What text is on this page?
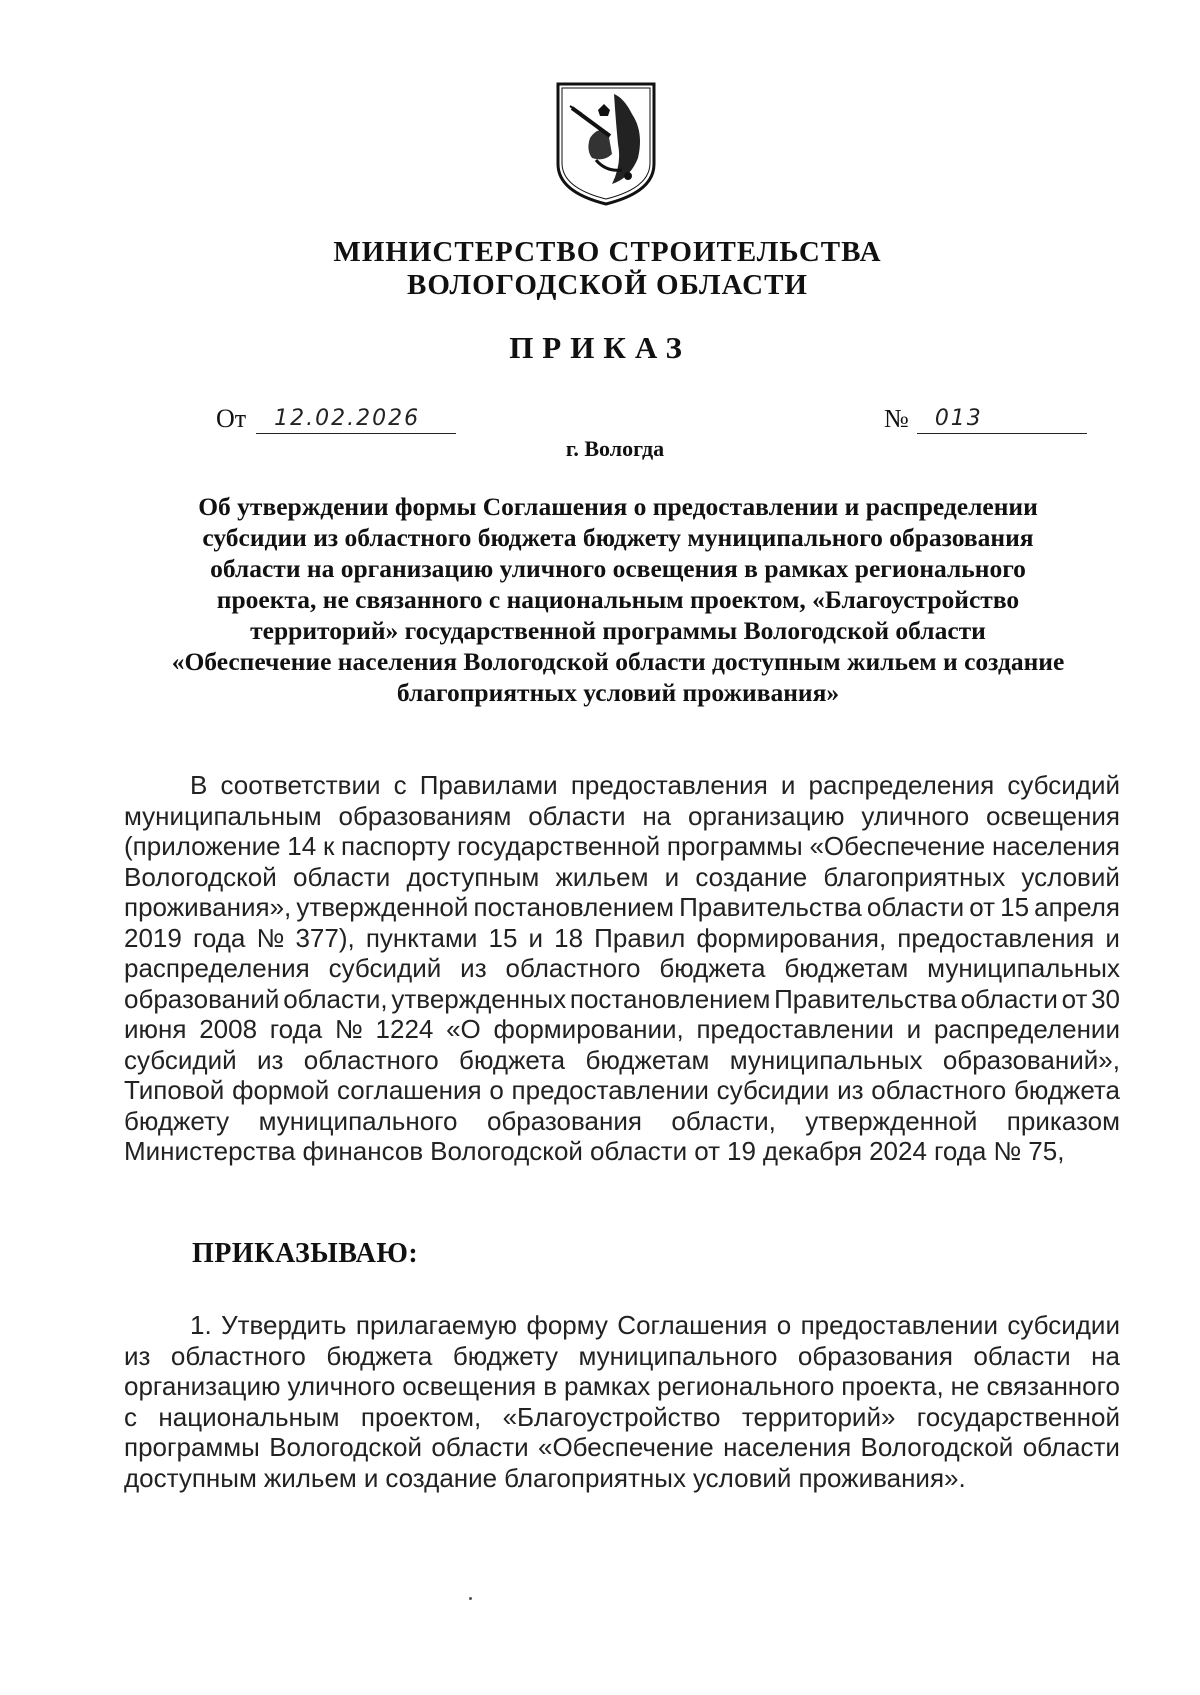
МИНИСТЕРСТВО СТРОИТЕЛЬСТВА
ВОЛОГОДСКОЙ ОБЛАСТИ
ПРИКАЗ
От 12.02.2026	№ 013
г. Вологда
Об утверждении формы Соглашения о предоставлении и распределении
субсидии из областного бюджета бюджету муниципального образования
области на организацию уличного освещения в рамках регионального
проекта, не связанного с национальным проектом, «Благоустройство
территорий» государственной программы Вологодской области
«Обеспечение населения Вологодской области доступным жильем и создание
благоприятных условий проживания»
В соответствии с Правилами предоставления и распределения субсидий
муниципальным образованиям области на организацию уличного освещения
(приложение 14 к паспорту государственной программы «Обеспечение населения
Вологодской области доступным жильем и создание благоприятных условий
проживания», утвержденной постановлением Правительства области от 15 апреля
2019 года № 377), пунктами 15 и 18 Правил формирования, предоставления и
распределения субсидий из областного бюджета бюджетам муниципальных
образований области, утвержденных постановлением Правительства области от 30
июня 2008 года № 1224 «О формировании, предоставлении и распределении
субсидий из областного бюджета бюджетам муниципальных образований»,
Типовой формой соглашения о предоставлении субсидии из областного бюджета
бюджету муниципального образования области, утвержденной приказом
Министерства финансов Вологодской области от 19 декабря 2024 года № 75,
ПРИКАЗЫВАЮ:
1. Утвердить прилагаемую форму Соглашения о предоставлении субсидии
из областного бюджета бюджету муниципального образования области на
организацию уличного освещения в рамках регионального проекта, не связанного
с национальным проектом, «Благоустройство территорий» государственной
программы Вологодской области «Обеспечение населения Вологодской области
доступным жильем и создание благоприятных условий проживания».
